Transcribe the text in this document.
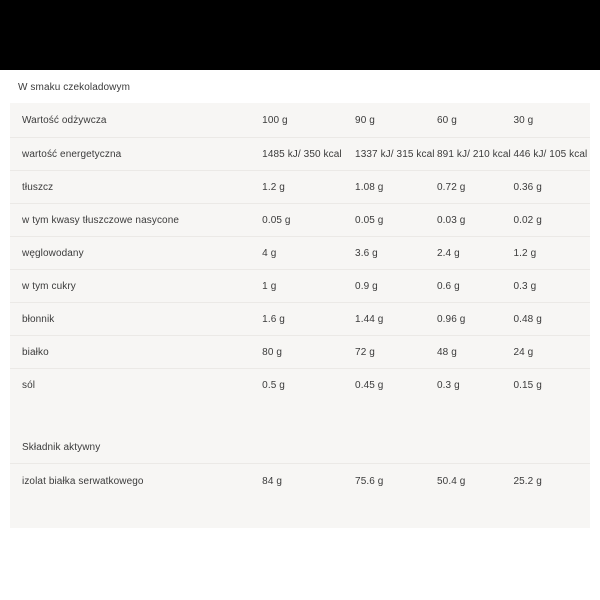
W smaku czekoladowym
Wartość odżywcza	100 g	90 g	60 g	30 g
wartość energetyczna	1485 kJ/ 350 kcal	1337 kJ/ 315 kcal	891 kJ/ 210 kcal	446 kJ/ 105 kcal
tłuszcz	1.2 g	1.08 g	0.72 g	0.36 g
w tym kwasy tłuszczowe nasycone	0.05 g	0.05 g	0.03 g	0.02 g
węglowodany	4 g	3.6 g	2.4 g	1.2 g
w tym cukry	1 g	0.9 g	0.6 g	0.3 g
błonnik	1.6 g	1.44 g	0.96 g	0.48 g
białko	80 g	72 g	48 g	24 g
sól	0.5 g	0.45 g	0.3 g	0.15 g

Składnik aktywny				
izolat białka serwatkowego	84 g	75.6 g	50.4 g	25.2 g
